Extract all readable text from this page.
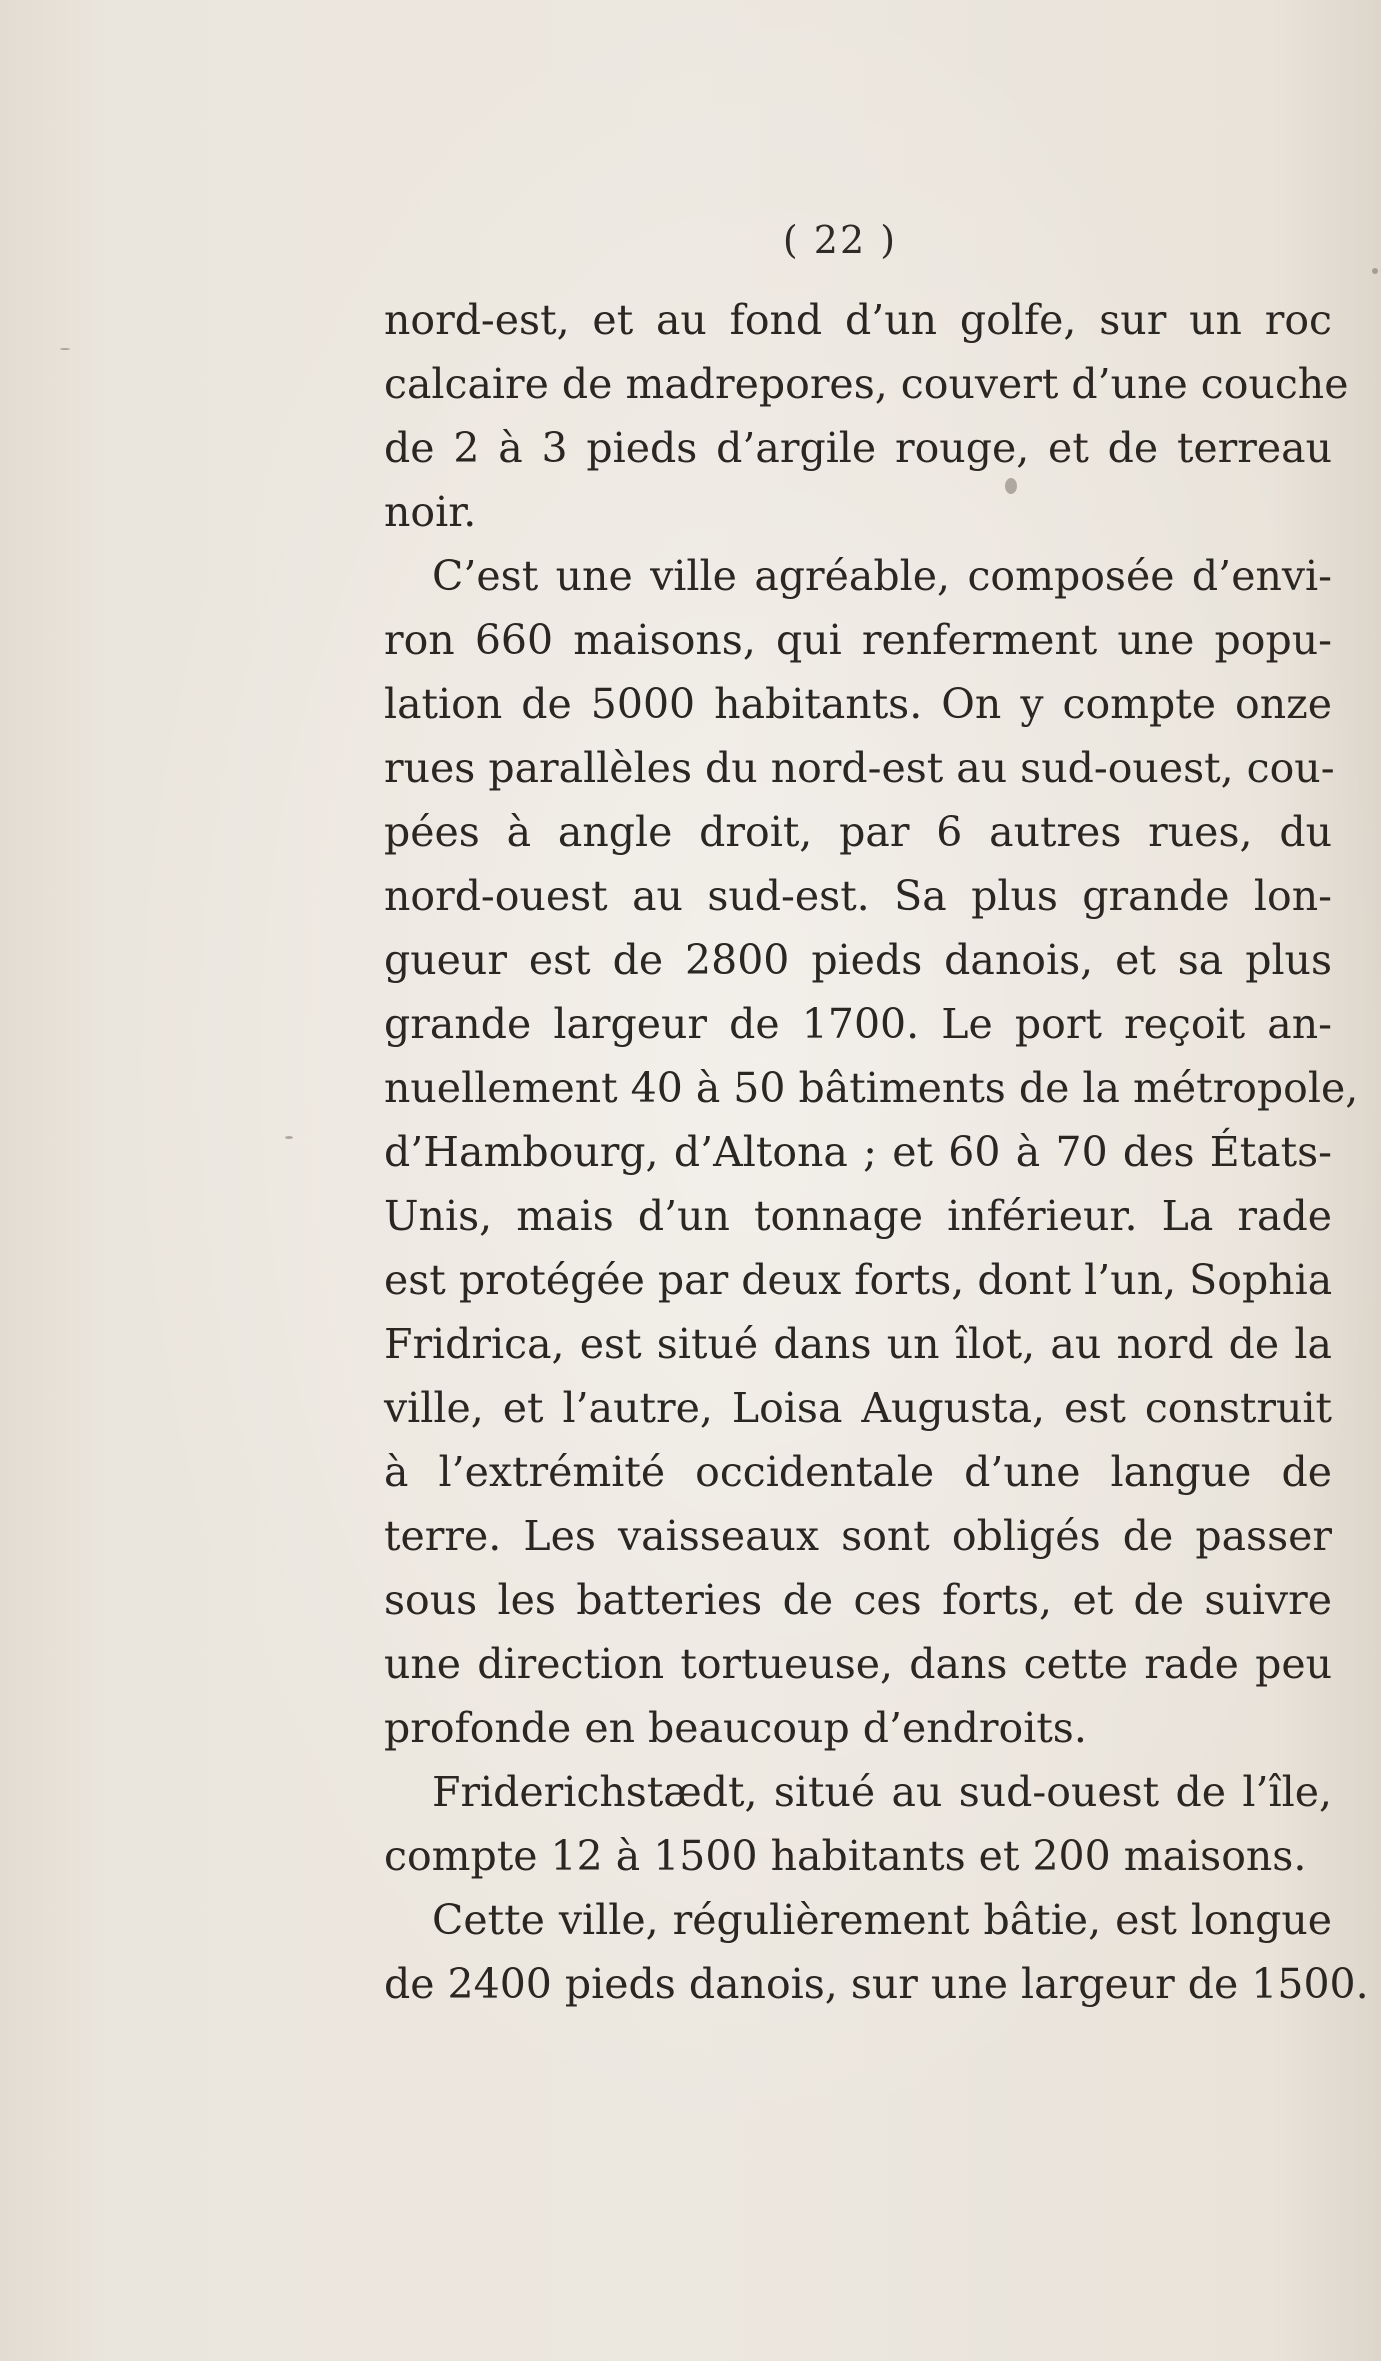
( 22 )
nord-est, et au fond d’un golfe, sur un roc
calcaire de madrepores, couvert d’une couche
de 2 à 3 pieds d’argile rouge, et de terreau
noir.
C’est une ville agréable, composée d’envi-
ron 660 maisons, qui renferment une popu-
lation de 5000 habitants. On y compte onze
rues parallèles du nord-est au sud-ouest, cou-
pées à angle droit, par 6 autres rues, du
nord-ouest au sud-est. Sa plus grande lon-
gueur est de 2800 pieds danois, et sa plus
grande largeur de 1700. Le port reçoit an-
nuellement 40 à 50 bâtiments de la métropole,
d’Hambourg, d’Altona ; et 60 à 70 des États-
Unis, mais d’un tonnage inférieur. La rade
est protégée par deux forts, dont l’un, Sophia
Fridrica, est situé dans un îlot, au nord de la
ville, et l’autre, Loisa Augusta, est construit
à l’extrémité occidentale d’une langue de
terre. Les vaisseaux sont obligés de passer
sous les batteries de ces forts, et de suivre
une direction tortueuse, dans cette rade peu
profonde en beaucoup d’endroits.
Friderichstædt, situé au sud-ouest de l’île,
compte 12 à 1500 habitants et 200 maisons.
Cette ville, régulièrement bâtie, est longue
de 2400 pieds danois, sur une largeur de 1500.
